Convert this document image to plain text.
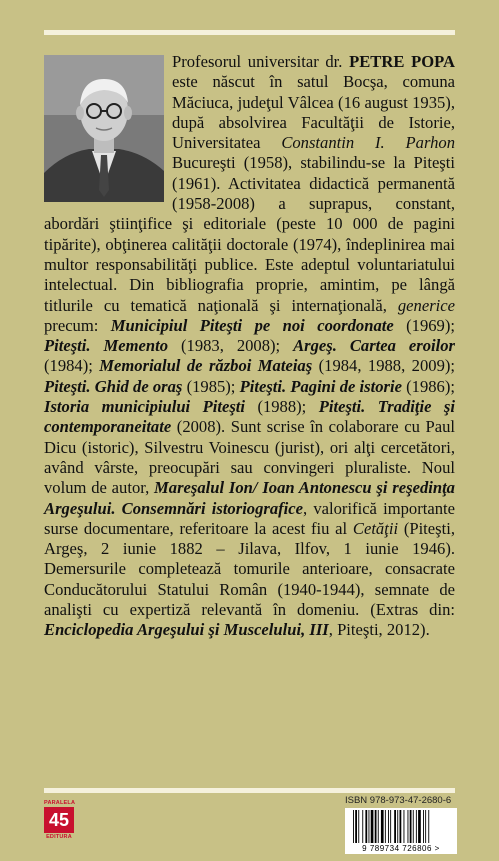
Profesorul universitar dr. PETRE POPA este născut în satul Bocşa, comuna Măciuca, judeţul Vâlcea (16 august 1935), după absolvirea Facultăţii de Istorie, Universitatea Constantin I. Parhon Bucureşti (1958), stabilindu-se la Piteşti (1961). Activitatea didactică permanentă (1958-2008) a suprapus, constant, abordări ştiinţifice şi editoriale (peste 10 000 de pagini tipărite), obţinerea calităţii doctorale (1974), îndeplinirea mai multor responsabilităţi publice. Este adeptul voluntariatului intelectual. Din bibliografia proprie, amintim, pe lângă titlurile cu tematică naţională şi internaţională, generice precum: Municipiul Piteşti pe noi coordonate (1969); Piteşti. Memento (1983, 2008); Argeş. Cartea eroilor (1984); Memorialul de război Mateiaş (1984, 1988, 2009); Piteşti. Ghid de oraş (1985); Piteşti. Pagini de istorie (1986); Istoria municipiului Piteşti (1988); Piteşti. Tradiţie şi contemporaneitate (2008). Sunt scrise în colaborare cu Paul Dicu (istoric), Silvestru Voinescu (jurist), ori alţi cercetători, având vârste, preocupări sau convingeri pluraliste. Noul volum de autor, Mareşalul Ion/ Ioan Antonescu şi reşedinţa Argeşului. Consemnări istoriografice, valorifică importante surse documentare, referitoare la acest fiu al Cetăţii (Piteşti, Argeş, 2 iunie 1882 – Jilava, Ilfov, 1 iunie 1946). Demersurile completează tomurile anterioare, consacrate Conducătorului Statului Român (1940-1944), semnate de analişti cu expertiză relevantă în domeniu. (Extras din: Enciclopedia Argeşului şi Muscelului, III, Piteşti, 2012).

PARALELA
45
EDITURA
ISBN 978-973-47-2680-6
9 789734 726806 >
